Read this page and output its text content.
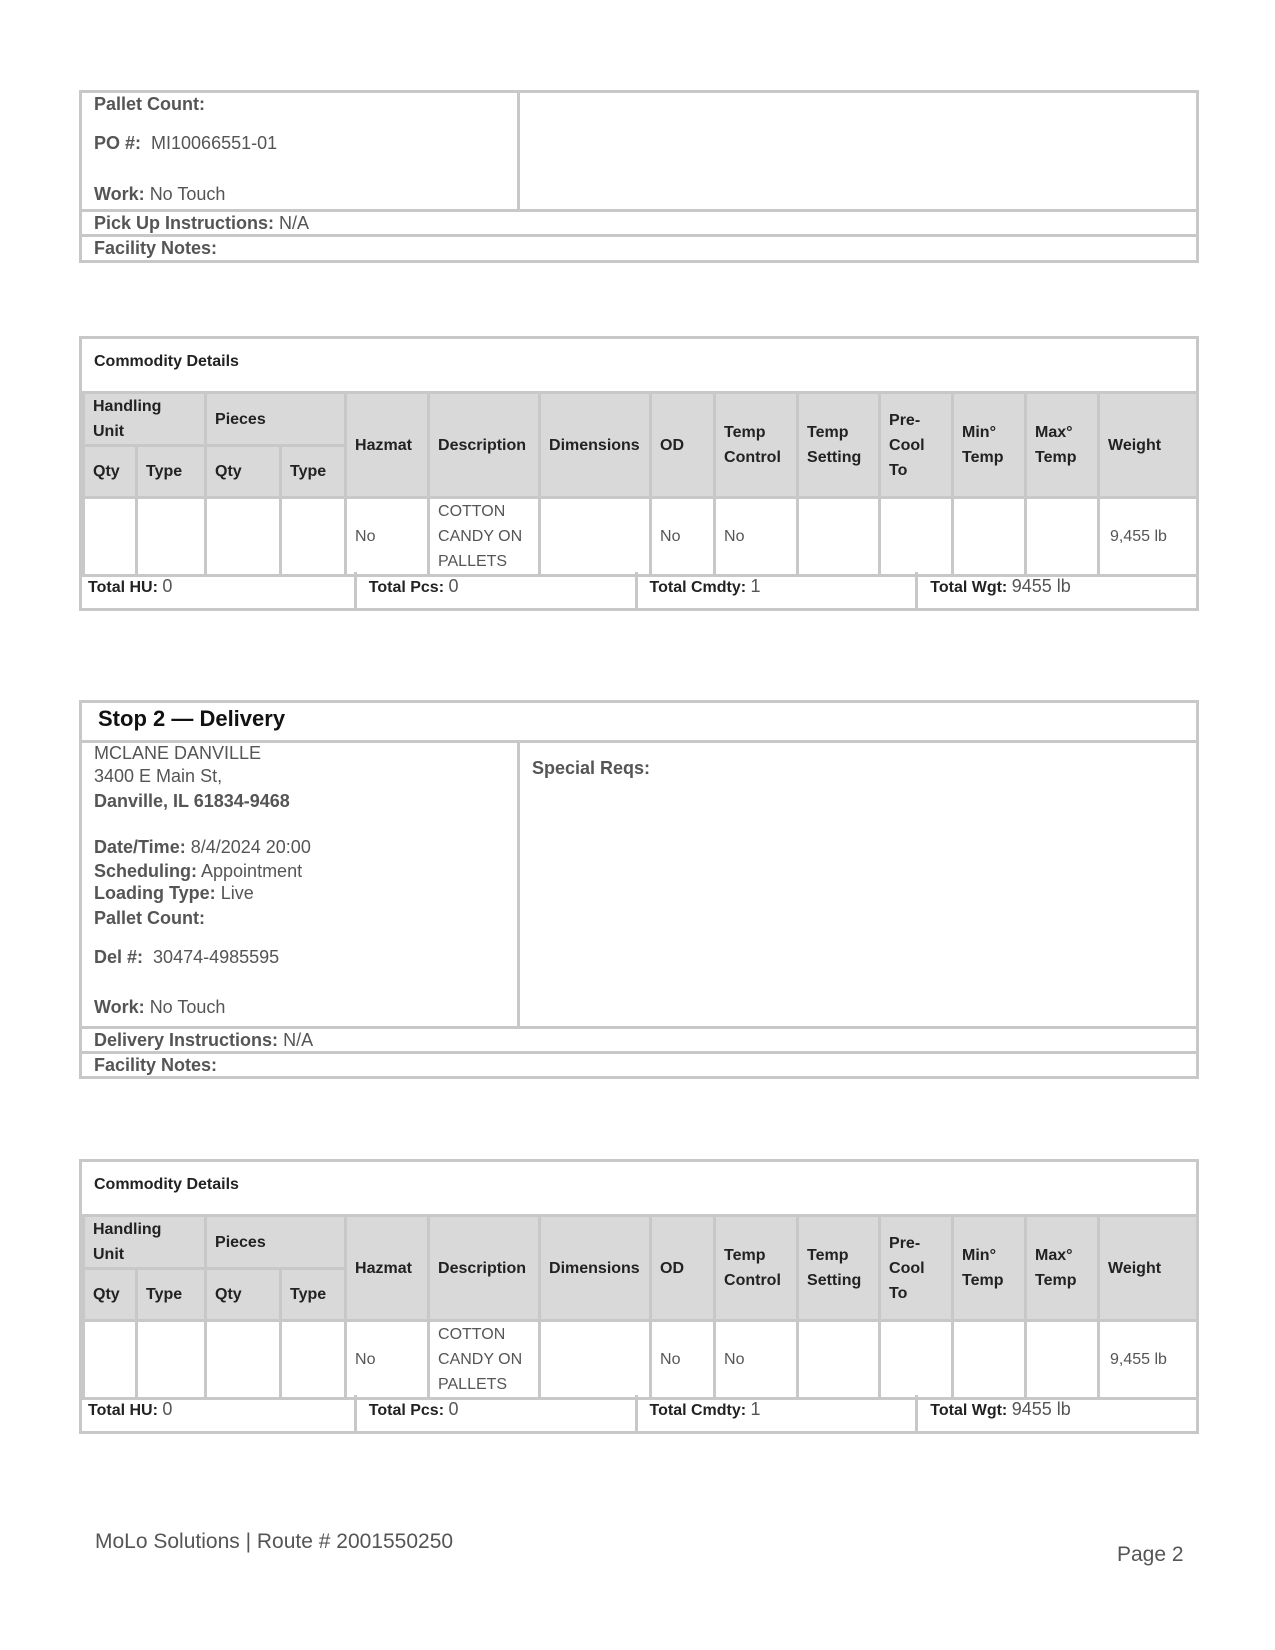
Pallet Count:
PO #: MI10066551-01
Work: No Touch
Pick Up Instructions: N/A
Facility Notes:
Commodity Details
Handling Unit		Pieces		Hazmat	Description	Dimensions	OD	Temp Control	Temp Setting	Pre-Cool To	Min° Temp	Max° Temp	Weight
Qty	Type	Qty	Type										
				No	COTTON CANDY ON PALLETS		No	No					9,455 lb
Total HU: 0	Total Pcs: 0	Total Cmdty: 1	Total Wgt: 9455 lb
Stop 2 — Delivery
MCLANE DANVILLE
3400 E Main St,
Danville, IL 61834-9468
Date/Time: 8/4/2024 20:00
Scheduling: Appointment
Loading Type: Live
Pallet Count:
Del #: 30474-4985595
Work: No Touch
Special Reqs:
Delivery Instructions: N/A
Facility Notes:
Commodity Details
Handling Unit		Pieces		Hazmat	Description	Dimensions	OD	Temp Control	Temp Setting	Pre-Cool To	Min° Temp	Max° Temp	Weight
Qty	Type	Qty	Type										
				No	COTTON CANDY ON PALLETS		No	No					9,455 lb
Total HU: 0	Total Pcs: 0	Total Cmdty: 1	Total Wgt: 9455 lb
MoLo Solutions | Route # 2001550250
Page 2
